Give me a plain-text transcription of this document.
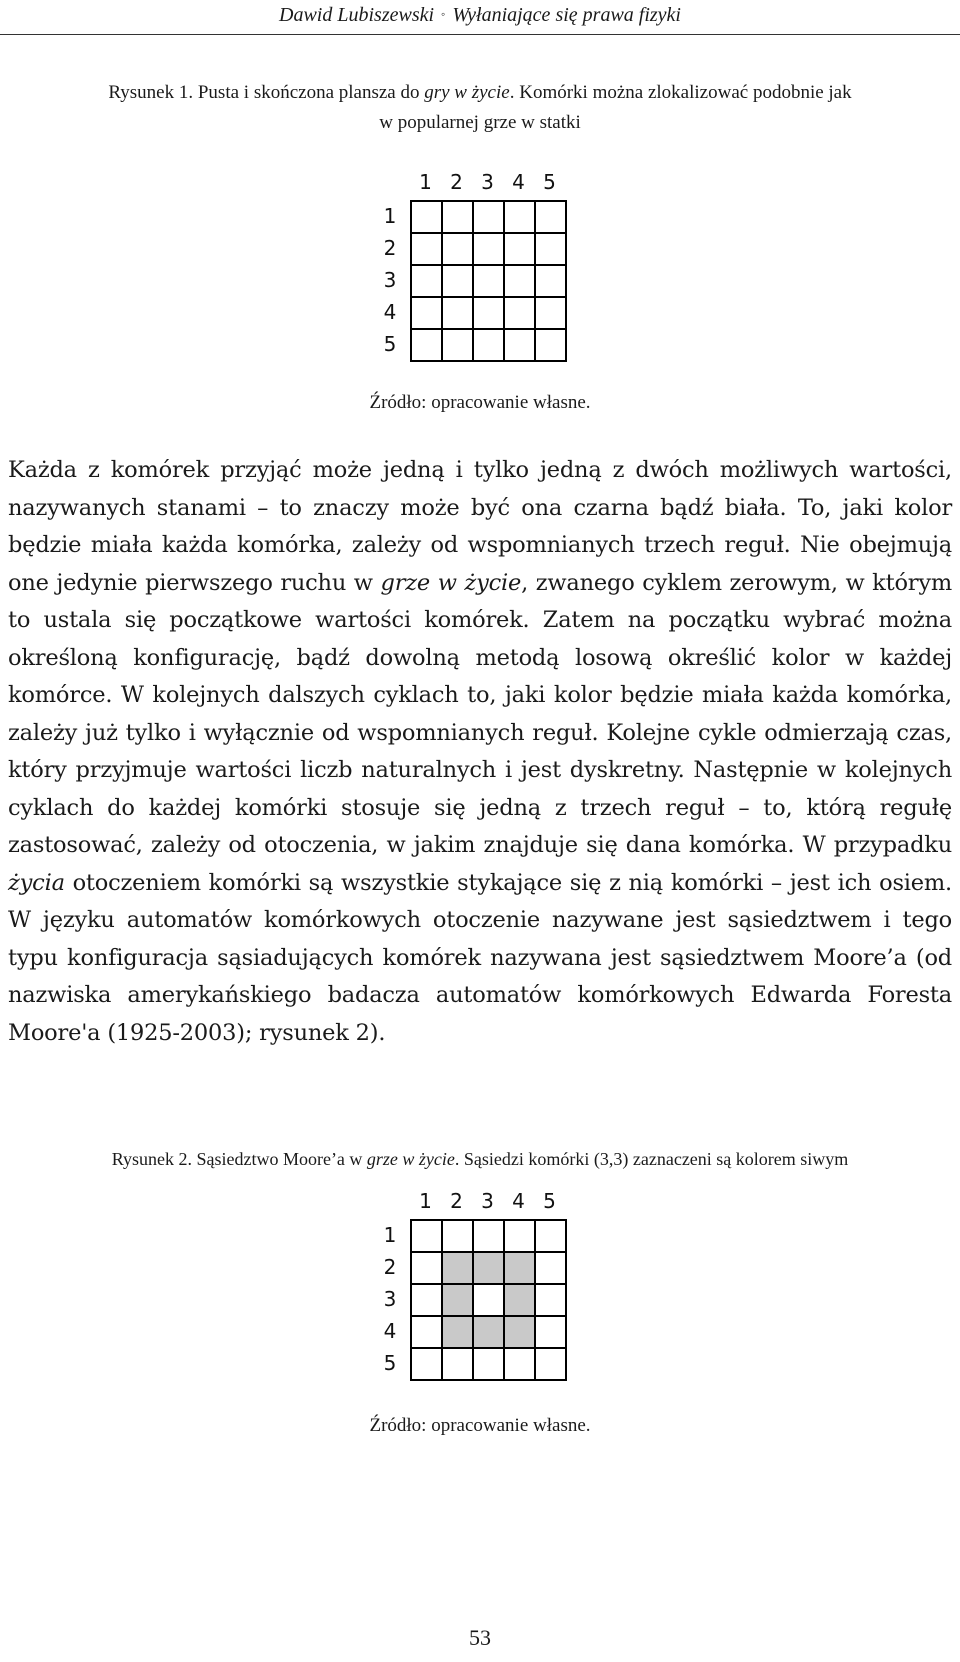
Dawid Lubiszewski ◦ Wyłaniające się prawa fizyki
Rysunek 1. Pusta i skończona plansza do gry w życie. Komórki można zlokalizować podobnie jak
w popularnej grze w statki
1 2 3 4 5
1
2
3
4
5
Źródło: opracowanie własne.
Każda z komórek przyjąć może jedną i tylko jedną z dwóch możliwych wartości, nazywanych stanami – to znaczy może być ona czarna bądź biała. To, jaki kolor będzie miała każda komórka, zależy od wspomnianych trzech reguł. Nie obejmują one jedynie pierwszego ruchu w grze w życie, zwanego cyklem zerowym, w którym to ustala się początkowe wartości komórek. Zatem na początku wybrać można określoną konfigurację, bądź dowolną metodą losową określić kolor w każdej komórce. W kolejnych dalszych cyklach to, jaki kolor będzie miała każda komórka, zależy już tylko i wyłącznie od wspomnianych reguł. Kolejne cykle odmierzają czas, który przyjmuje wartości liczb naturalnych i jest dyskretny. Następnie w kolejnych cyklach do każdej komórki stosuje się jedną z trzech reguł – to, którą regułę zastosować, zależy od otoczenia, w jakim znajduje się dana komórka. W przypadku życia otoczeniem komórki są wszystkie stykające się z nią komórki – jest ich osiem. W języku automatów komórkowych otoczenie nazywane jest sąsiedztwem i tego typu konfiguracja sąsiadujących komórek nazywana jest sąsiedztwem Moore’a (od nazwiska amerykańskiego badacza automatów komórkowych Edwarda Foresta Moore'a (1925-2003); rysunek 2).
Rysunek 2. Sąsiedztwo Moore’a w grze w życie. Sąsiedzi komórki (3,3) zaznaczeni są kolorem siwym
1 2 3 4 5
1
2
3
4
5
Źródło: opracowanie własne.
53
